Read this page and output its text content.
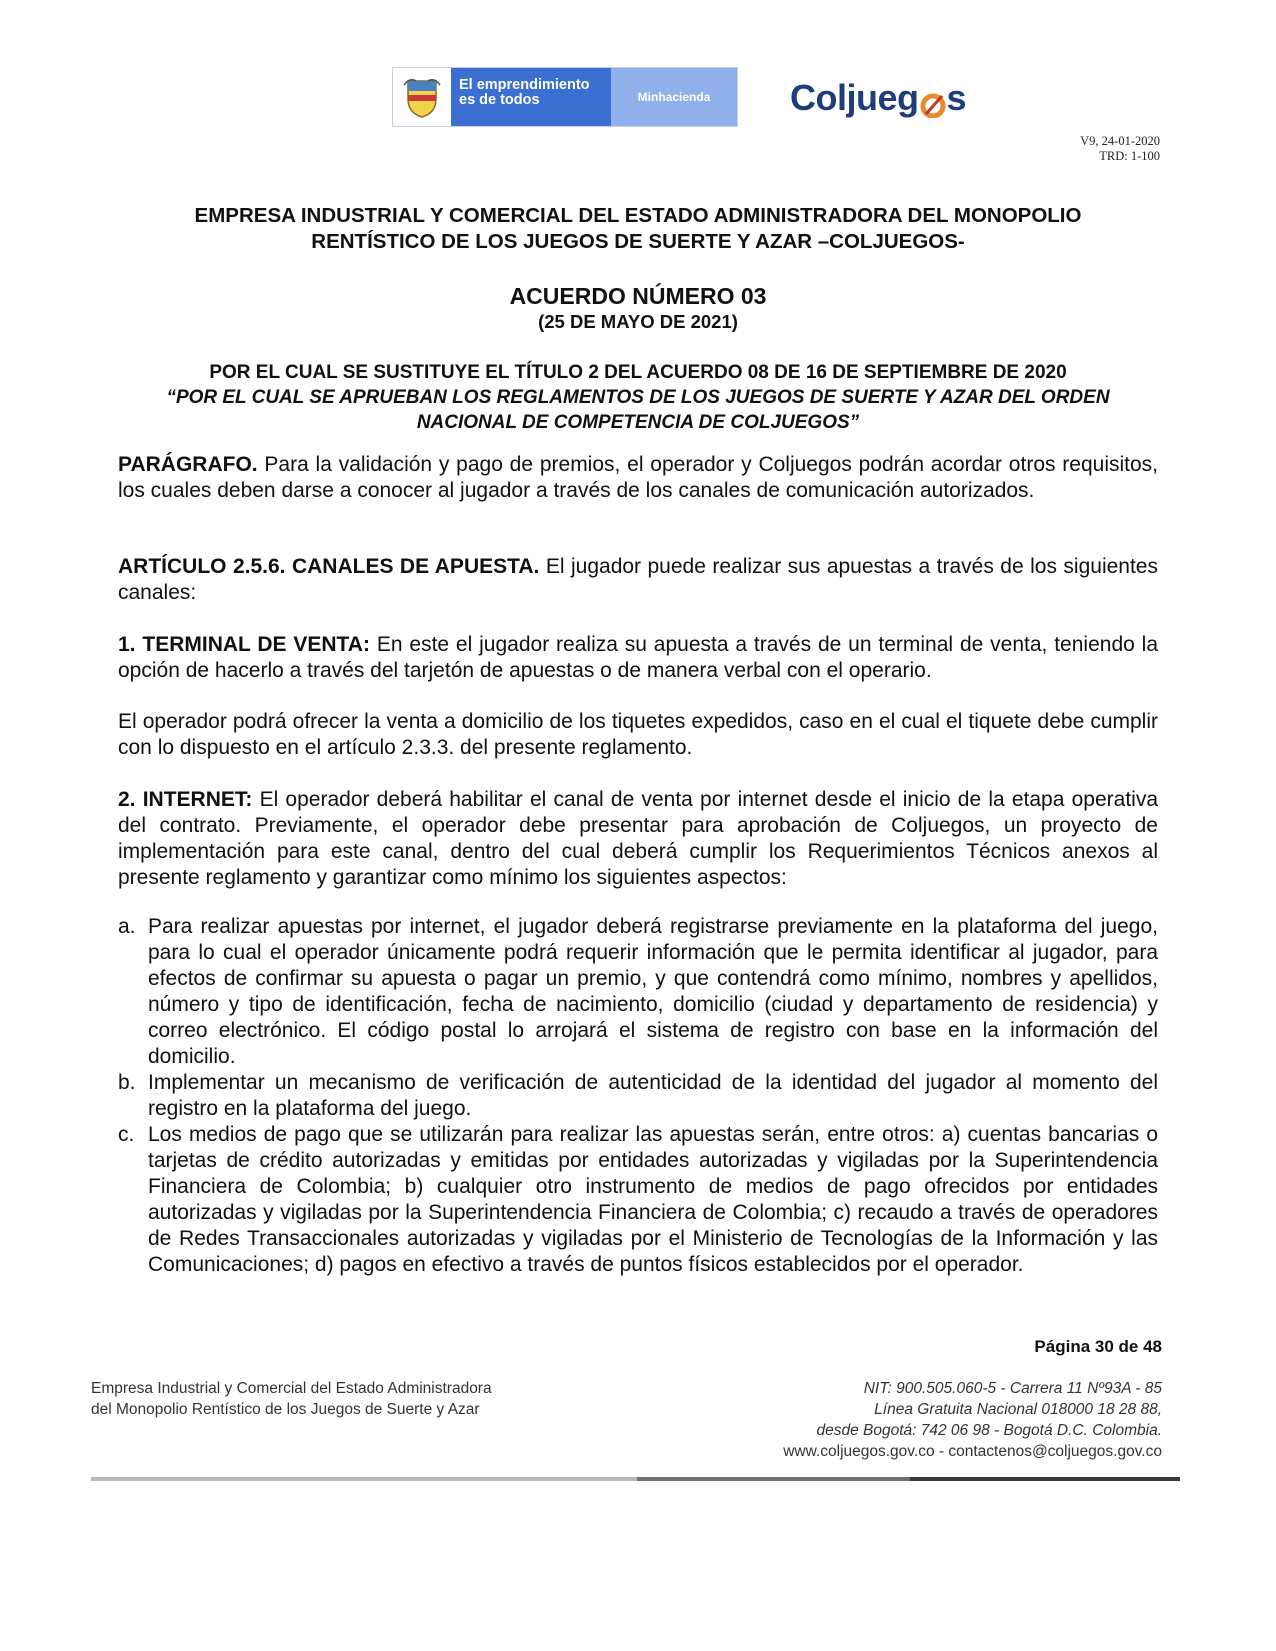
El emprendimiento
es de todos	Minhacienda	Coljueg s
V9, 24-01-2020
TRD: 1-100
EMPRESA INDUSTRIAL Y COMERCIAL DEL ESTADO ADMINISTRADORA DEL MONOPOLIO
RENTÍSTICO DE LOS JUEGOS DE SUERTE Y AZAR –COLJUEGOS-
ACUERDO NÚMERO 03
(25 DE MAYO DE 2021)
POR EL CUAL SE SUSTITUYE EL TÍTULO 2 DEL ACUERDO 08 DE 16 DE SEPTIEMBRE DE 2020
“POR EL CUAL SE APRUEBAN LOS REGLAMENTOS DE LOS JUEGOS DE SUERTE Y AZAR DEL ORDEN NACIONAL DE COMPETENCIA DE COLJUEGOS”
PARÁGRAFO. Para la validación y pago de premios, el operador y Coljuegos podrán acordar otros requisitos, los cuales deben darse a conocer al jugador a través de los canales de comunicación autorizados.
ARTÍCULO 2.5.6. CANALES DE APUESTA. El jugador puede realizar sus apuestas a través de los siguientes canales:
1. TERMINAL DE VENTA: En este el jugador realiza su apuesta a través de un terminal de venta, teniendo la opción de hacerlo a través del tarjetón de apuestas o de manera verbal con el operario.
El operador podrá ofrecer la venta a domicilio de los tiquetes expedidos, caso en el cual el tiquete debe cumplir con lo dispuesto en el artículo 2.3.3. del presente reglamento.
2. INTERNET: El operador deberá habilitar el canal de venta por internet desde el inicio de la etapa operativa del contrato. Previamente, el operador debe presentar para aprobación de Coljuegos, un proyecto de implementación para este canal, dentro del cual deberá cumplir los Requerimientos Técnicos anexos al presente reglamento y garantizar como mínimo los siguientes aspectos:
a. Para realizar apuestas por internet, el jugador deberá registrarse previamente en la plataforma del juego, para lo cual el operador únicamente podrá requerir información que le permita identificar al jugador, para efectos de confirmar su apuesta o pagar un premio, y que contendrá como mínimo, nombres y apellidos, número y tipo de identificación, fecha de nacimiento, domicilio (ciudad y departamento de residencia) y correo electrónico. El código postal lo arrojará el sistema de registro con base en la información del domicilio.
b. Implementar un mecanismo de verificación de autenticidad de la identidad del jugador al momento del registro en la plataforma del juego.
c. Los medios de pago que se utilizarán para realizar las apuestas serán, entre otros: a) cuentas bancarias o tarjetas de crédito autorizadas y emitidas por entidades autorizadas y vigiladas por la Superintendencia Financiera de Colombia; b) cualquier otro instrumento de medios de pago ofrecidos por entidades autorizadas y vigiladas por la Superintendencia Financiera de Colombia; c) recaudo a través de operadores de Redes Transaccionales autorizadas y vigiladas por el Ministerio de Tecnologías de la Información y las Comunicaciones; d) pagos en efectivo a través de puntos físicos establecidos por el operador.
Página 30 de 48
Empresa Industrial y Comercial del Estado Administradora
del Monopolio Rentístico de los Juegos de Suerte y Azar
NIT: 900.505.060-5 - Carrera 11 Nº93A - 85
Línea Gratuita Nacional 018000 18 28 88,
desde Bogotá: 742 06 98 - Bogotá D.C. Colombia.
www.coljuegos.gov.co - contactenos@coljuegos.gov.co
